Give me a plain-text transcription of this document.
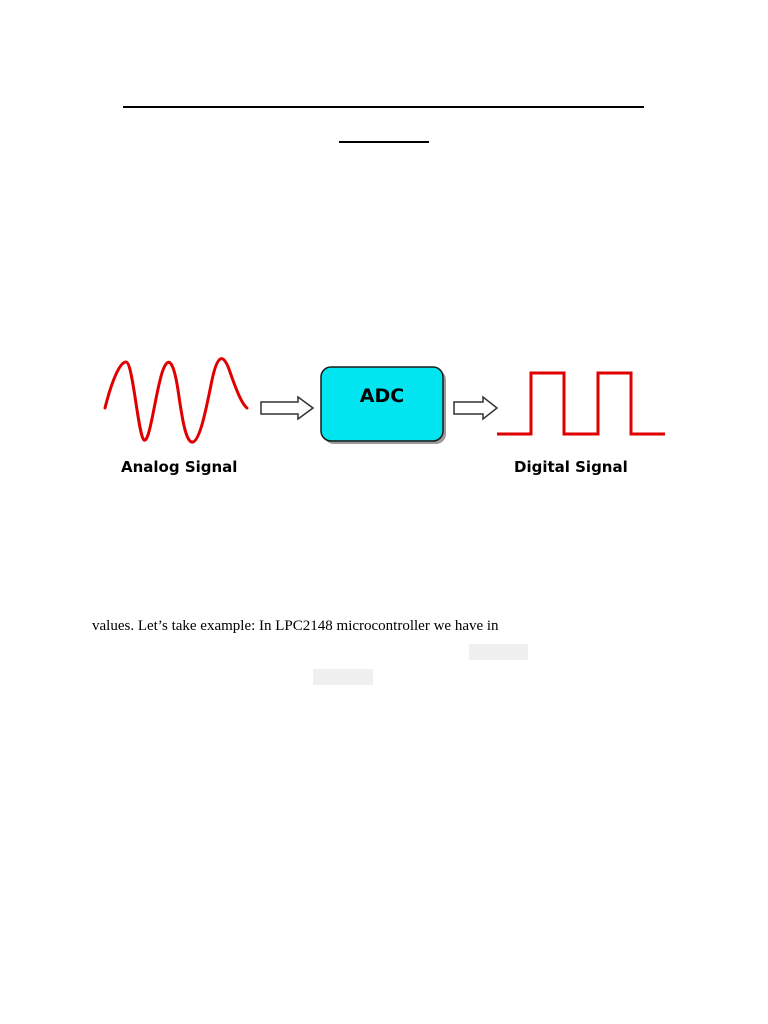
ADC
Analog Signal	Digital Signal
values. Let’s take example: In LPC2148 microcontroller we have in
